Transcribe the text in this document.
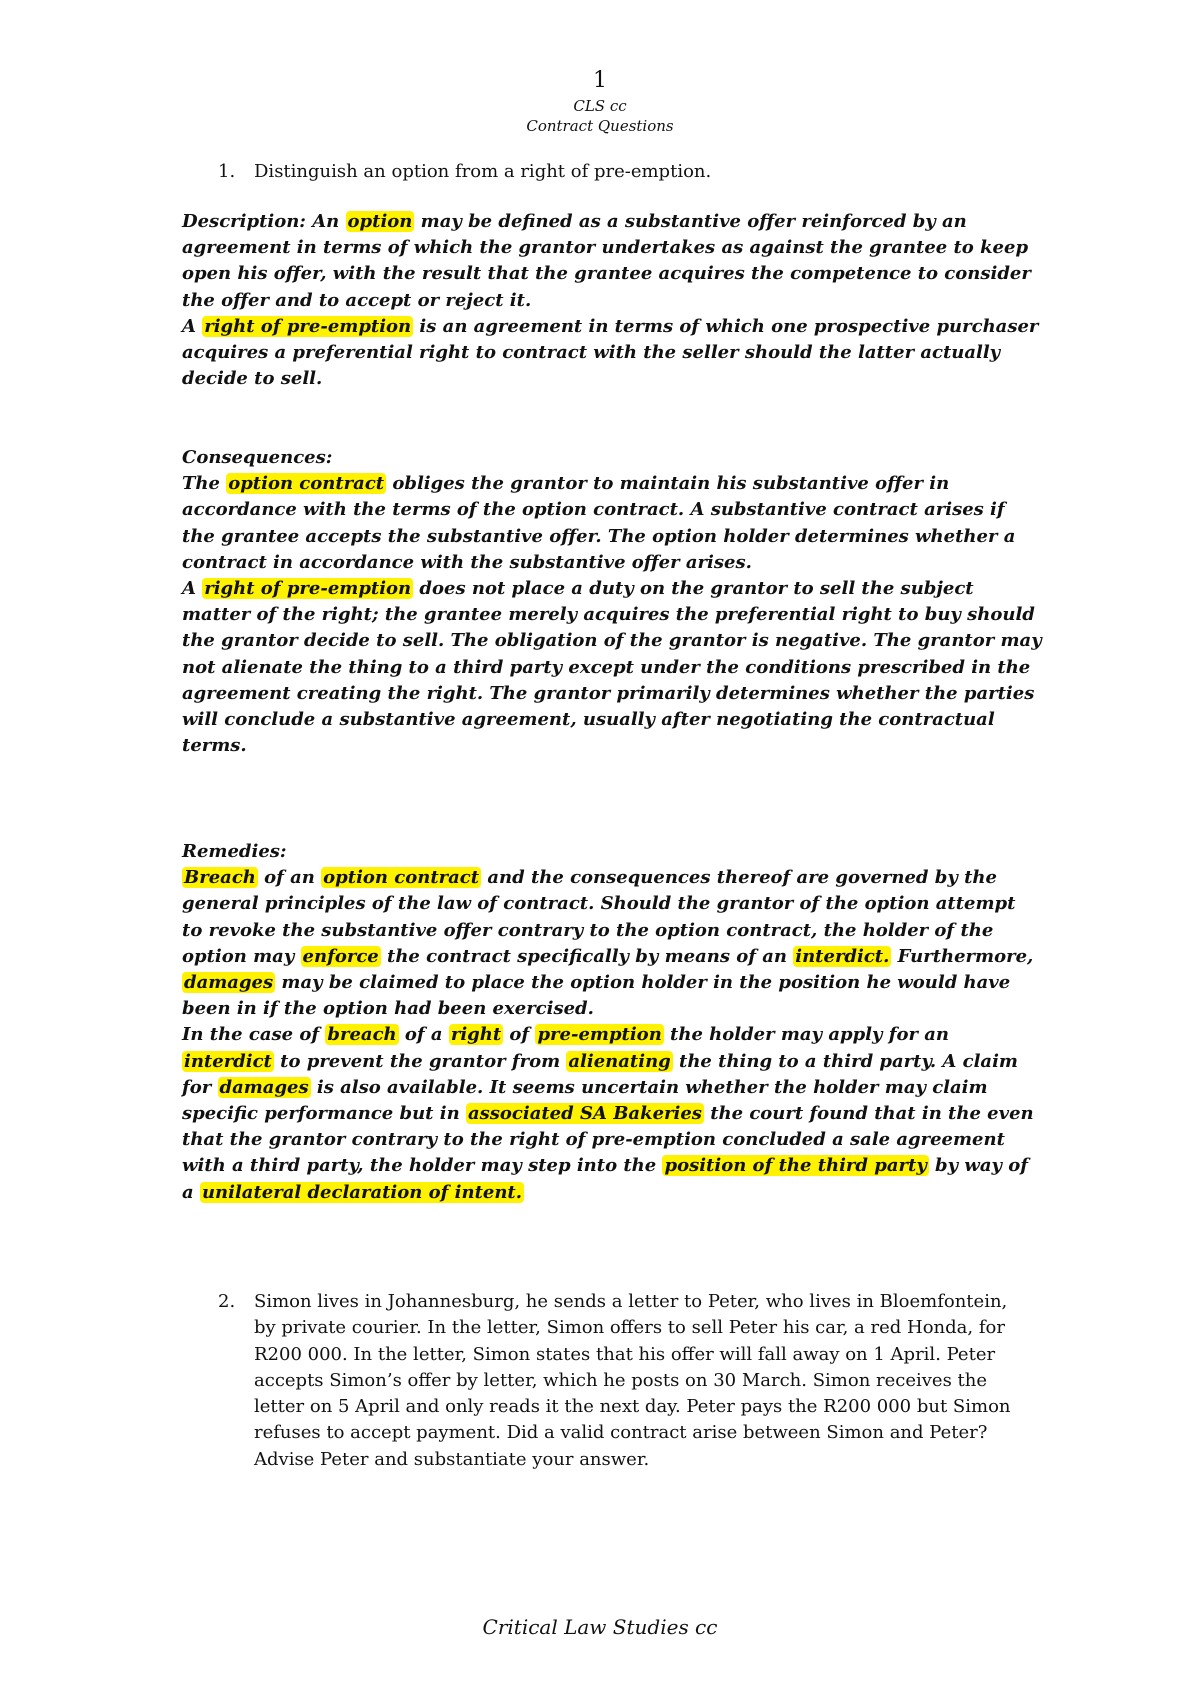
1
CLS cc
Contract Questions

1. Distinguish an option from a right of pre-emption.

Description: An option may be defined as a substantive offer reinforced by an agreement in terms of which the grantor undertakes as against the grantee to keep open his offer, with the result that the grantee acquires the competence to consider the offer and to accept or reject it.
A right of pre-emption is an agreement in terms of which one prospective purchaser acquires a preferential right to contract with the seller should the latter actually decide to sell.

Consequences:
The option contract obliges the grantor to maintain his substantive offer in accordance with the terms of the option contract. A substantive contract arises if the grantee accepts the substantive offer. The option holder determines whether a contract in accordance with the substantive offer arises.
A right of pre-emption does not place a duty on the grantor to sell the subject matter of the right; the grantee merely acquires the preferential right to buy should the grantor decide to sell. The obligation of the grantor is negative. The grantor may not alienate the thing to a third party except under the conditions prescribed in the agreement creating the right. The grantor primarily determines whether the parties will conclude a substantive agreement, usually after negotiating the contractual terms.

Remedies:
Breach of an option contract and the consequences thereof are governed by the general principles of the law of contract. Should the grantor of the option attempt to revoke the substantive offer contrary to the option contract, the holder of the option may enforce the contract specifically by means of an interdict. Furthermore, damages may be claimed to place the option holder in the position he would have been in if the option had been exercised.
In the case of breach of a right of pre-emption the holder may apply for an interdict to prevent the grantor from alienating the thing to a third party. A claim for damages is also available. It seems uncertain whether the holder may claim specific performance but in associated SA Bakeries the court found that in the even that the grantor contrary to the right of pre-emption concluded a sale agreement with a third party, the holder may step into the position of the third party by way of a unilateral declaration of intent.

2. Simon lives in Johannesburg, he sends a letter to Peter, who lives in Bloemfontein, by private courier. In the letter, Simon offers to sell Peter his car, a red Honda, for R200 000. In the letter, Simon states that his offer will fall away on 1 April. Peter accepts Simon’s offer by letter, which he posts on 30 March. Simon receives the letter on 5 April and only reads it the next day. Peter pays the R200 000 but Simon refuses to accept payment. Did a valid contract arise between Simon and Peter? Advise Peter and substantiate your answer.

Critical Law Studies cc
